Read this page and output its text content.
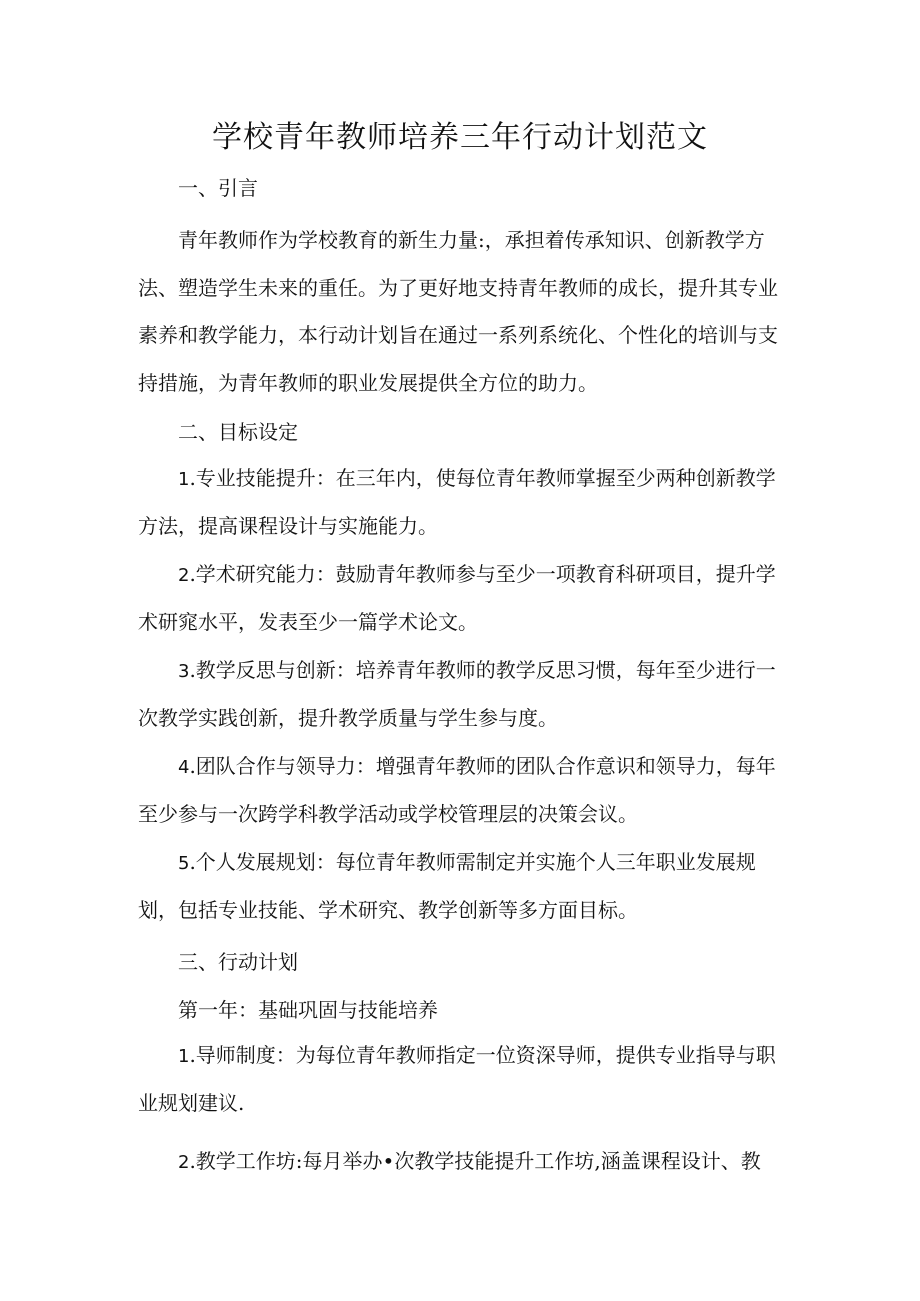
学校青年教师培养三年行动计划范文
一、引言

青年教师作为学校教育的新生力量:，承担着传承知识、创新教学方法、塑造学生未来的重任。为了更好地支持青年教师的成长，提升其专业素养和教学能力，本行动计划旨在通过一系列系统化、个性化的培训与支持措施，为青年教师的职业发展提供全方位的助力。

二、目标设定

1.专业技能提升：在三年内，使每位青年教师掌握至少两种创新教学方法，提高课程设计与实施能力。

2.学术研究能力：鼓励青年教师参与至少一项教育科研项目，提升学术研窕水平，发表至少一篇学术论文。

3.教学反思与创新：培养青年教师的教学反思习惯，每年至少进行一次教学实践创新，提升教学质量与学生参与度。

4.团队合作与领导力：增强青年教师的团队合作意识和领导力，每年至少参与一次跨学科教学活动或学校管理层的决策会议。

5.个人发展规划：每位青年教师需制定并实施个人三年职业发展规划，包括专业技能、学术研究、教学创新等多方面目标。

三、行动计划
第一年：基础巩固与技能培养

1.导师制度：为每位青年教师指定一位资深导师，提供专业指导与职业规划建议.

2.教学工作坊:每月举办•次教学技能提升工作坊,涵盖课程设计、教
